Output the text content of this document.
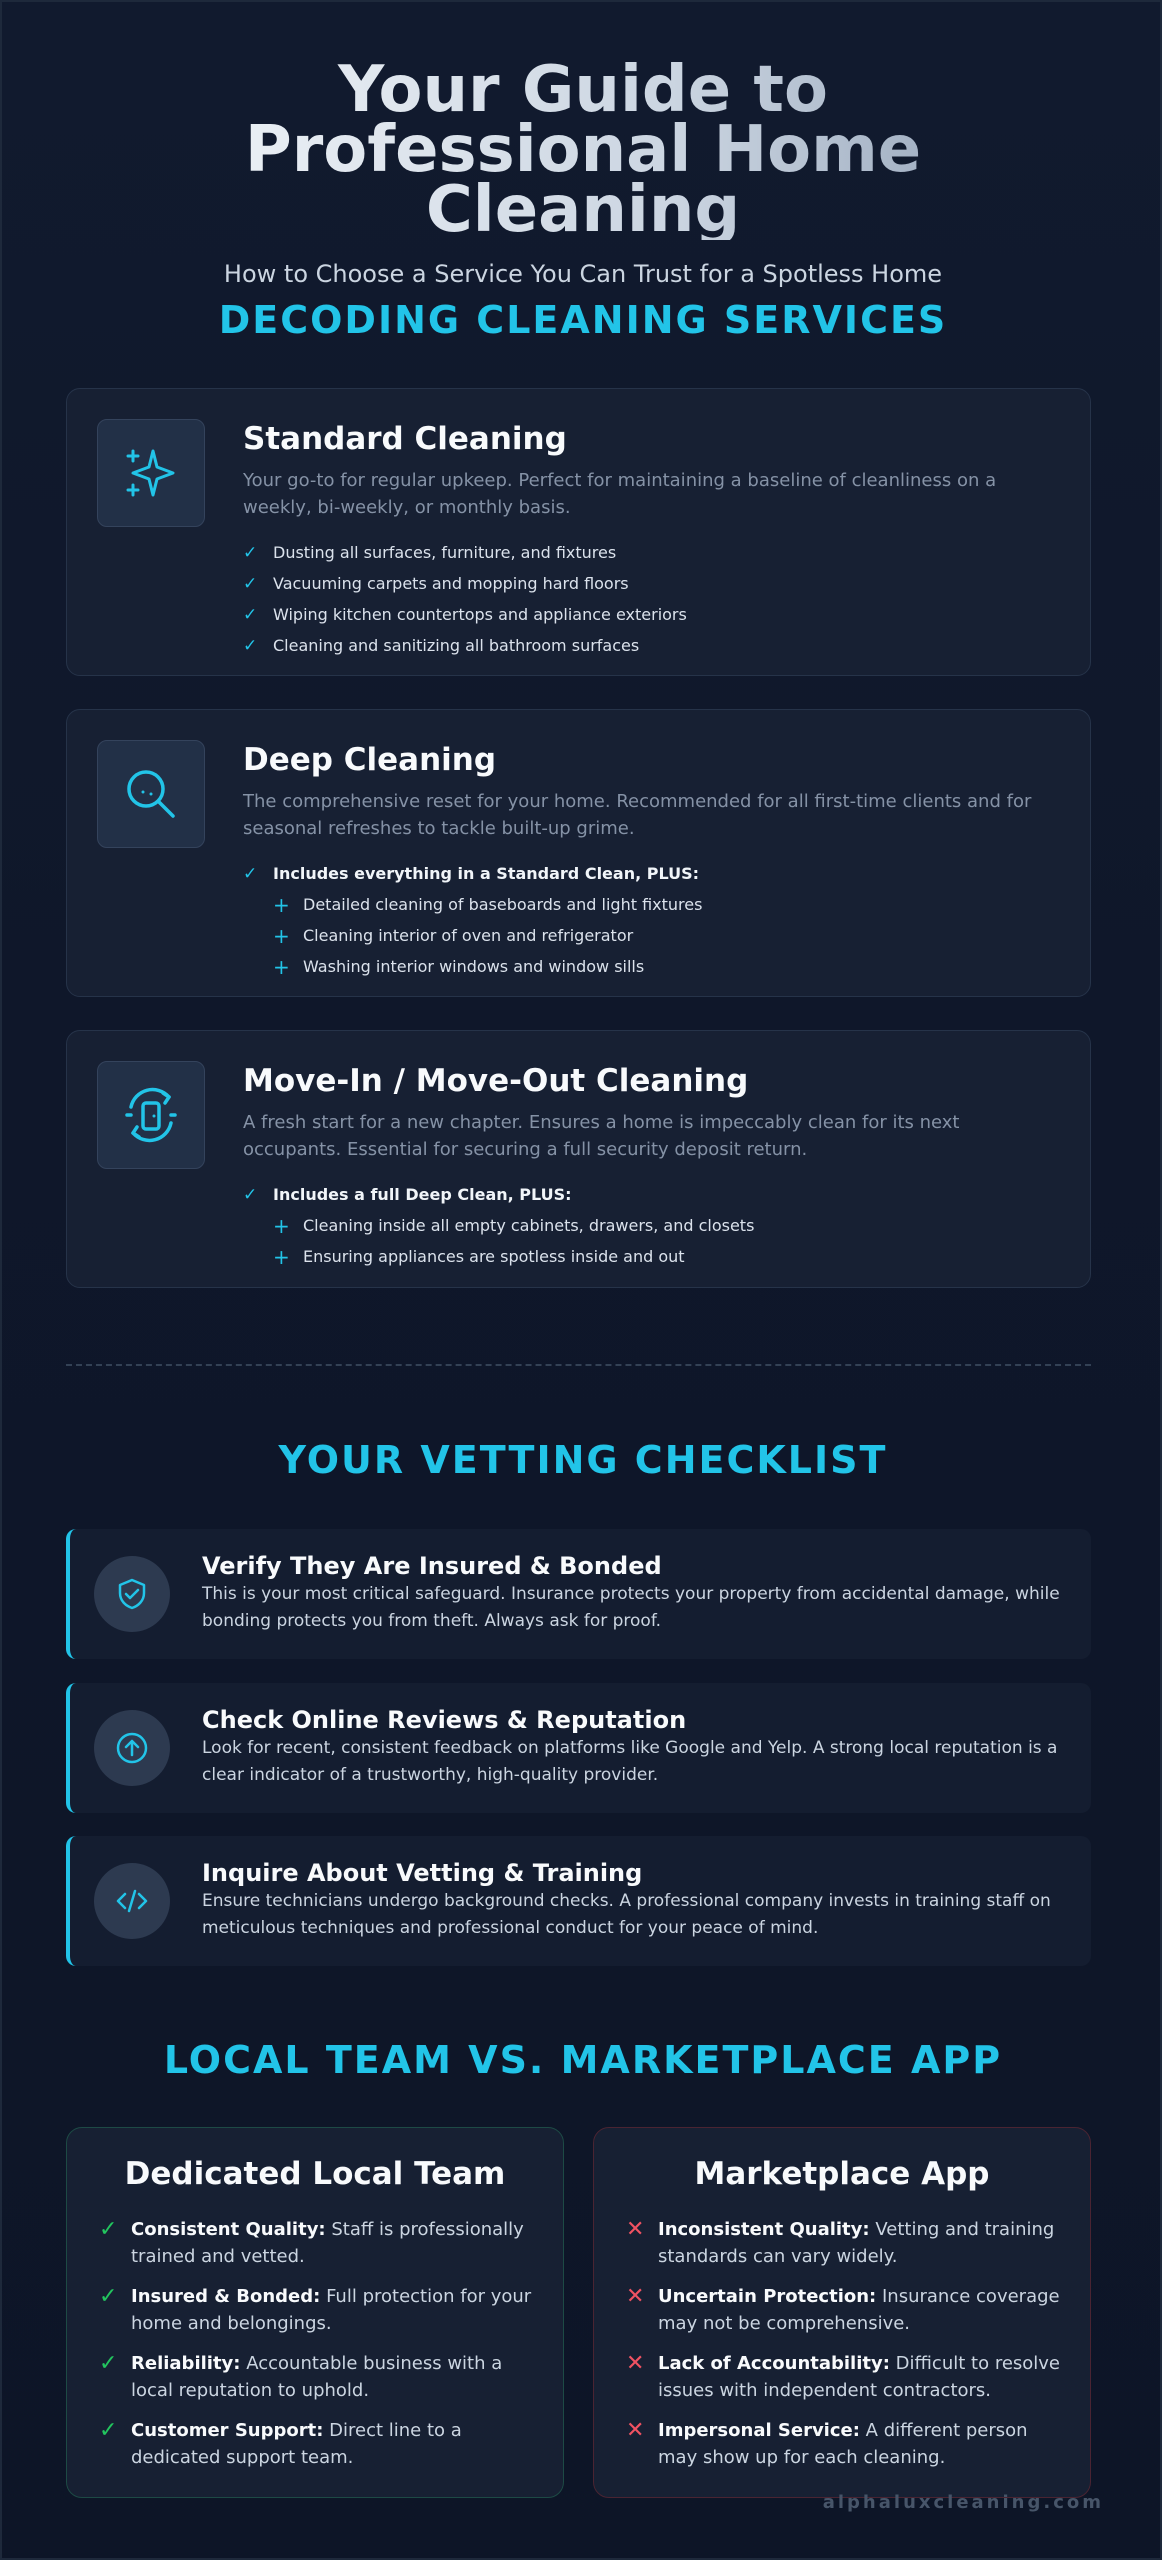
Your Guide to Professional Home Cleaning

How to Choose a Service You Can Trust for a Spotless Home

DECODING CLEANING SERVICES
Standard Cleaning

Your go-to for regular upkeep. Perfect for maintaining a baseline of cleanliness on a weekly, bi-weekly, or monthly basis.

✓ Dusting all surfaces, furniture, and fixtures
✓ Vacuuming carpets and mopping hard floors
✓ Wiping kitchen countertops and appliance exteriors
✓ Cleaning and sanitizing all bathroom surfaces
Deep Cleaning

The comprehensive reset for your home. Recommended for all first-time clients and for seasonal refreshes to tackle built-up grime.

✓ Includes everything in a Standard Clean, PLUS:
+ Detailed cleaning of baseboards and light fixtures
+ Cleaning interior of oven and refrigerator
+ Washing interior windows and window sills
Move-In / Move-Out Cleaning

A fresh start for a new chapter. Ensures a home is impeccably clean for its next occupants. Essential for securing a full security deposit return.

✓ Includes a full Deep Clean, PLUS:
+ Cleaning inside all empty cabinets, drawers, and closets
+ Ensuring appliances are spotless inside and out
YOUR VETTING CHECKLIST
Verify They Are Insured & Bonded

This is your most critical safeguard. Insurance protects your property from accidental damage, while bonding protects you from theft. Always ask for proof.

Check Online Reviews & Reputation

Look for recent, consistent feedback on platforms like Google and Yelp. A strong local reputation is a clear indicator of a trustworthy, high-quality provider.

Inquire About Vetting & Training

Ensure technicians undergo background checks. A professional company invests in training staff on meticulous techniques and professional conduct for your peace of mind.

LOCAL TEAM VS. MARKETPLACE APP
Dedicated Local Team
✓ Consistent Quality: Staff is professionally trained and vetted.
✓ Insured & Bonded: Full protection for your home and belongings.
✓ Reliability: Accountable business with a local reputation to uphold.
✓ Customer Support: Direct line to a dedicated support team.
Marketplace App
✕ Inconsistent Quality: Vetting and training standards can vary widely.
✕ Uncertain Protection: Insurance coverage may not be comprehensive.
✕ Lack of Accountability: Difficult to resolve issues with independent contractors.
✕ Impersonal Service: A different person may show up for each cleaning.
alphaluxcleaning.com
